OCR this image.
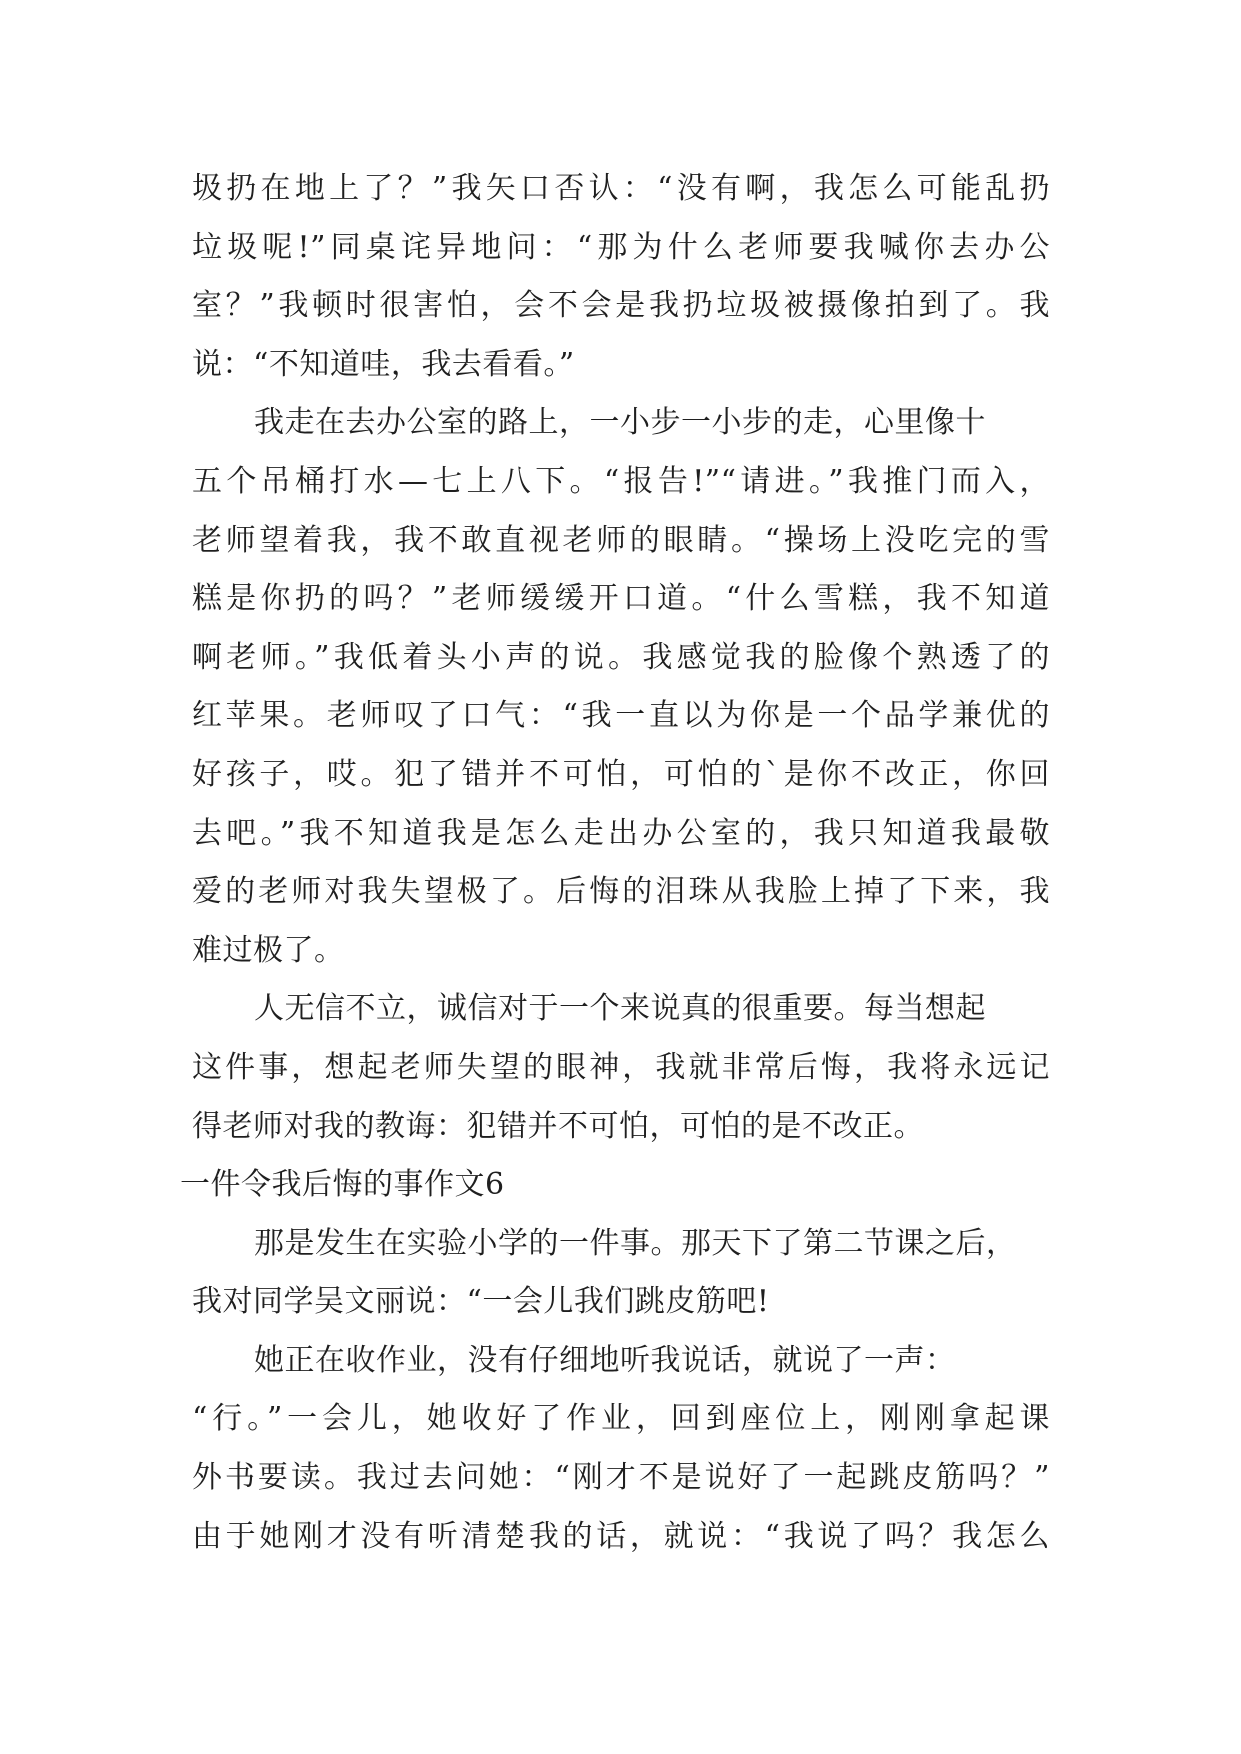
圾扔在地上了？”我矢口否认：“没有啊，我怎么可能乱扔
垃圾呢!”同桌诧异地问：“那为什么老师要我喊你去办公
室？”我顿时很害怕，会不会是我扔垃圾被摄像拍到了。我
说：“不知道哇，我去看看。”
我走在去办公室的路上，一小步一小步的走，心里像十
五个吊桶打水—七上八下。“报告!”“请进。”我推门而入，
老师望着我，我不敢直视老师的眼睛。“操场上没吃完的雪
糕是你扔的吗？”老师缓缓开口道。“什么雪糕，我不知道
啊老师。”我低着头小声的说。我感觉我的脸像个熟透了的
红苹果。老师叹了口气：“我一直以为你是一个品学兼优的
好孩子，哎。犯了错并不可怕，可怕的`是你不改正，你回
去吧。”我不知道我是怎么走出办公室的，我只知道我最敬
爱的老师对我失望极了。后悔的泪珠从我脸上掉了下来，我
难过极了。
人无信不立，诚信对于一个来说真的很重要。每当想起
这件事，想起老师失望的眼神，我就非常后悔，我将永远记
得老师对我的教诲：犯错并不可怕，可怕的是不改正。
一件令我后悔的事作文6
那是发生在实验小学的一件事。那天下了第二节课之后，
我对同学吴文丽说：“一会儿我们跳皮筋吧!
她正在收作业，没有仔细地听我说话，就说了一声：
“行。”一会儿，她收好了作业，回到座位上，刚刚拿起课
外书要读。我过去问她：“刚才不是说好了一起跳皮筋吗？”
由于她刚才没有听清楚我的话，就说：“我说了吗？我怎么
